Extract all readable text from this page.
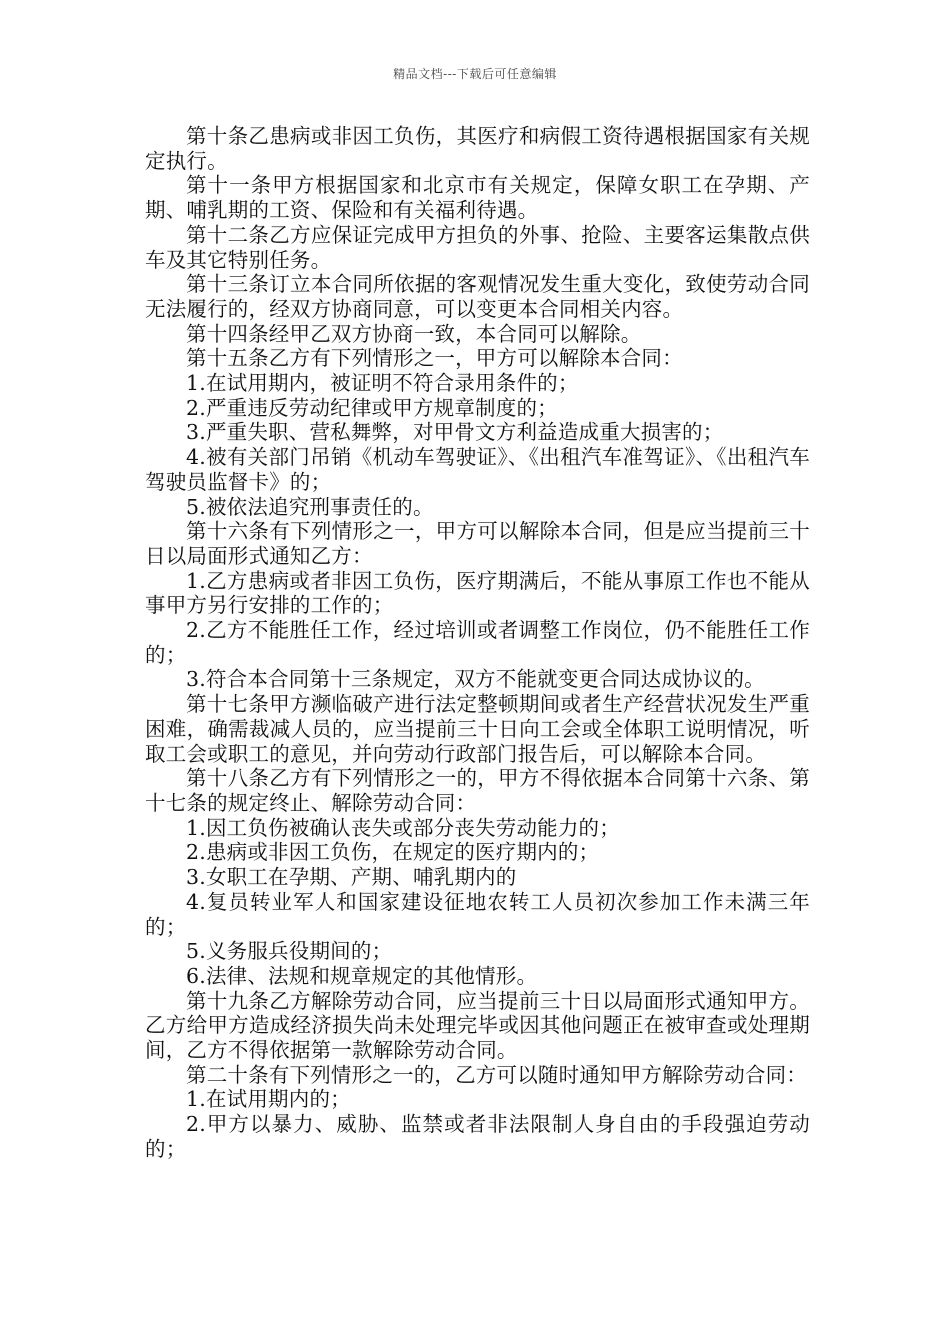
精品文档---下载后可任意编辑

第十条乙患病或非因工负伤，其医疗和病假工资待遇根据国家有关规定执行。

第十一条甲方根据国家和北京市有关规定，保障女职工在孕期、产期、哺乳期的工资、保险和有关福利待遇。

第十二条乙方应保证完成甲方担负的外事、抢险、主要客运集散点供车及其它特别任务。

第十三条订立本合同所依据的客观情况发生重大变化，致使劳动合同无法履行的，经双方协商同意，可以变更本合同相关内容。

第十四条经甲乙双方协商一致，本合同可以解除。

第十五条乙方有下列情形之一，甲方可以解除本合同：

1.在试用期内，被证明不符合录用条件的；

2.严重违反劳动纪律或甲方规章制度的；

3.严重失职、营私舞弊，对甲骨文方利益造成重大损害的；

4.被有关部门吊销《机动车驾驶证》、《出租汽车准驾证》、《出租汽车驾驶员监督卡》的；

5.被依法追究刑事责任的。

第十六条有下列情形之一，甲方可以解除本合同，但是应当提前三十日以局面形式通知乙方：

1.乙方患病或者非因工负伤，医疗期满后，不能从事原工作也不能从事甲方另行安排的工作的；

2.乙方不能胜任工作，经过培训或者调整工作岗位，仍不能胜任工作的；

3.符合本合同第十三条规定，双方不能就变更合同达成协议的。

第十七条甲方濒临破产进行法定整顿期间或者生产经营状况发生严重困难，确需裁减人员的，应当提前三十日向工会或全体职工说明情况，听取工会或职工的意见，并向劳动行政部门报告后，可以解除本合同。

第十八条乙方有下列情形之一的，甲方不得依据本合同第十六条、第十七条的规定终止、解除劳动合同：

1.因工负伤被确认丧失或部分丧失劳动能力的；

2.患病或非因工负伤，在规定的医疗期内的；

3.女职工在孕期、产期、哺乳期内的

4.复员转业军人和国家建设征地农转工人员初次参加工作未满三年的；

5.义务服兵役期间的；

6.法律、法规和规章规定的其他情形。

第十九条乙方解除劳动合同，应当提前三十日以局面形式通知甲方。乙方给甲方造成经济损失尚未处理完毕或因其他问题正在被审查或处理期间，乙方不得依据第一款解除劳动合同。

第二十条有下列情形之一的，乙方可以随时通知甲方解除劳动合同：

1.在试用期内的；

2.甲方以暴力、威胁、监禁或者非法限制人身自由的手段强迫劳动的；
